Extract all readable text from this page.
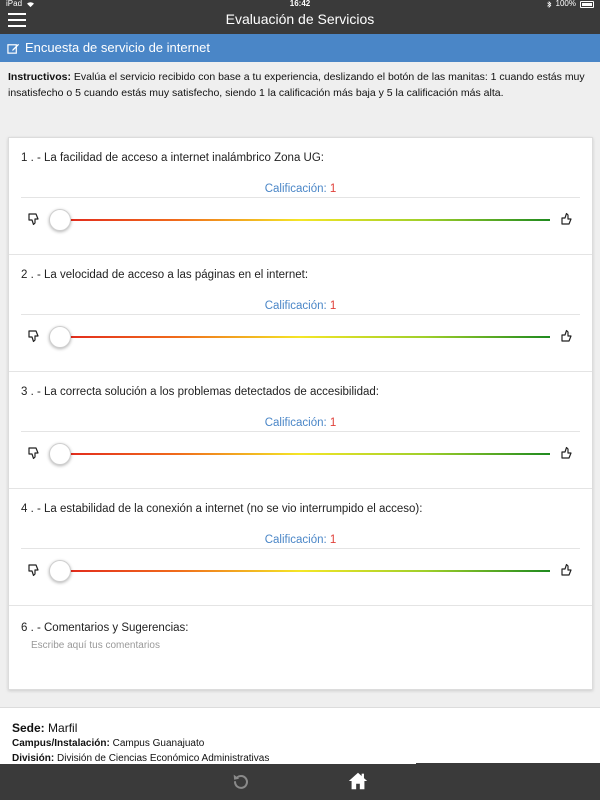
iPad	16:42	100%
Evaluación de Servicios
Encuesta de servicio de internet
Instructivos: Evalúa el servicio recibido con base a tu experiencia, deslizando el botón de las manitas: 1 cuando estás muy insatisfecho o 5 cuando estás muy satisfecho, siendo 1 la calificación más baja y 5 la calificación más alta.
1 . - La facilidad de acceso a internet inalámbrico Zona UG:
Calificación: 1
2 . - La velocidad de acceso a las páginas en el internet:
Calificación: 1
3 . - La correcta solución a los problemas detectados de accesibilidad:
Calificación: 1
4 . - La estabilidad de la conexión a internet (no se vio interrumpido el acceso):
Calificación: 1
6 . - Comentarios y Sugerencias:
Escribe aquí tus comentarios
Sede: Marfil
Campus/Instalación: Campus Guanajuato
División: División de Ciencias Económico Administrativas
